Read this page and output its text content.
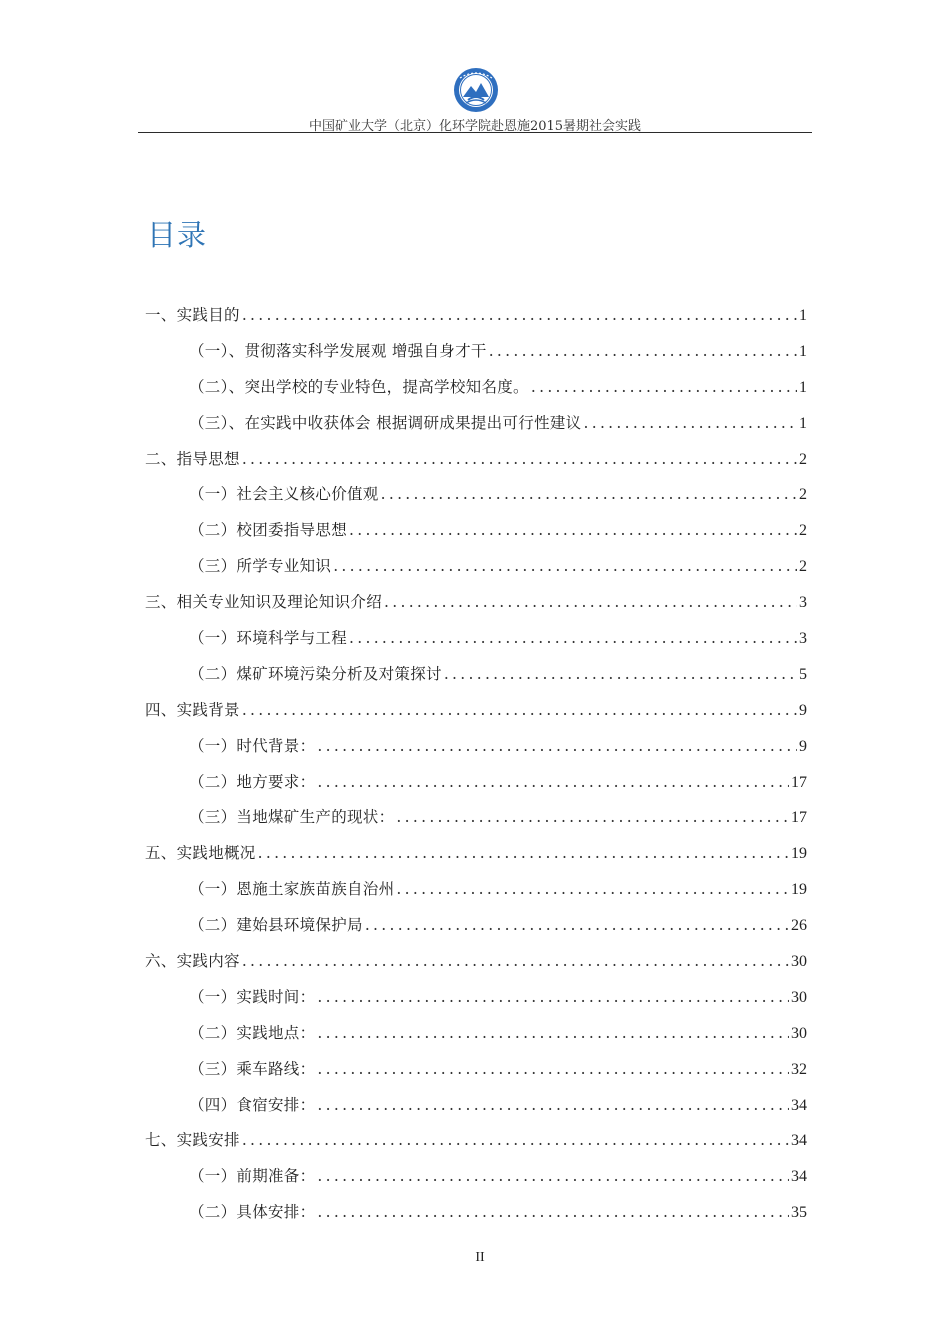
中国矿业大学（北京）化环学院赴恩施2015暑期社会实践
目录
一、实践目的 .....	1
（一）、贯彻落实科学发展观 增强自身才干 .....	1
（二）、突出学校的专业特色，提高学校知名度。 .....	1
（三）、在实践中收获体会 根据调研成果提出可行性建议 .....	1
二、指导思想 .....	2
（一）社会主义核心价值观 .....	2
（二）校团委指导思想 .....	2
（三）所学专业知识 .....	2
三、相关专业知识及理论知识介绍 .....	3
（一）环境科学与工程 .....	3
（二）煤矿环境污染分析及对策探讨 .....	5
四、实践背景 .....	9
（一）时代背景： .....	9
（二）地方要求： .....	17
（三）当地煤矿生产的现状： .....	17
五、实践地概况 .....	19
（一）恩施土家族苗族自治州 .....	19
（二）建始县环境保护局 .....	26
六、实践内容 .....	30
（一）实践时间： .....	30
（二）实践地点： .....	30
（三）乘车路线： .....	32
（四）食宿安排： .....	34
七、实践安排 .....	34
（一）前期准备： .....	34
（二）具体安排： .....	35
II
